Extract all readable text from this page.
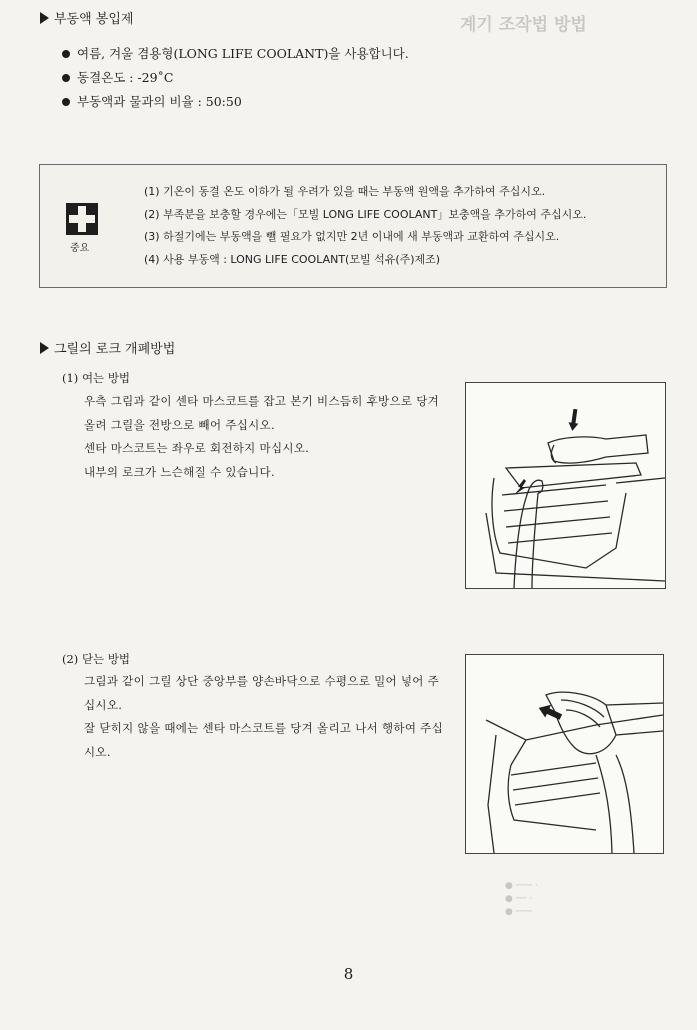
계기 조작법 방법
부동액 봉입제
여름, 겨울 겸용형(LONG LIFE COOLANT)을 사용합니다.
동결온도 : -29˚C
부동액과 물과의 비율 : 50:50
중요
(1) 기온이 동결 온도 이하가 될 우려가 있을 때는 부동액 원액을 추가하여 주십시오.
(2) 부족분을 보충할 경우에는「모빌 LONG LIFE COOLANT」보충액을 추가하여 주십시오.
(3) 하절기에는 부동액을 뺄 필요가 없지만 2년 이내에 새 부동액과 교환하여 주십시오.
(4) 사용 부동액 : LONG LIFE COOLANT(모빌 석유(주)제조)
그릴의 로크 개폐방법
(1) 여는 방법
우측 그림과 같이 센타 마스코트를 잡고 본기 비스듬히 후방으로 당겨올려 그릴을 전방으로 빼어 주십시오.
센타 마스코트는 좌우로 회전하지 마십시오.
내부의 로크가 느슨해질 수 있습니다.
(2) 닫는 방법
그림과 같이 그릴 상단 중앙부를 양손바닥으로 수평으로 밀어 넣어 주십시오.
잘 닫히지 않을 때에는 센타 마스코트를 당겨 올리고 나서 행하여 주십시오.
● ─── ·
● ── ·
● ───
8
